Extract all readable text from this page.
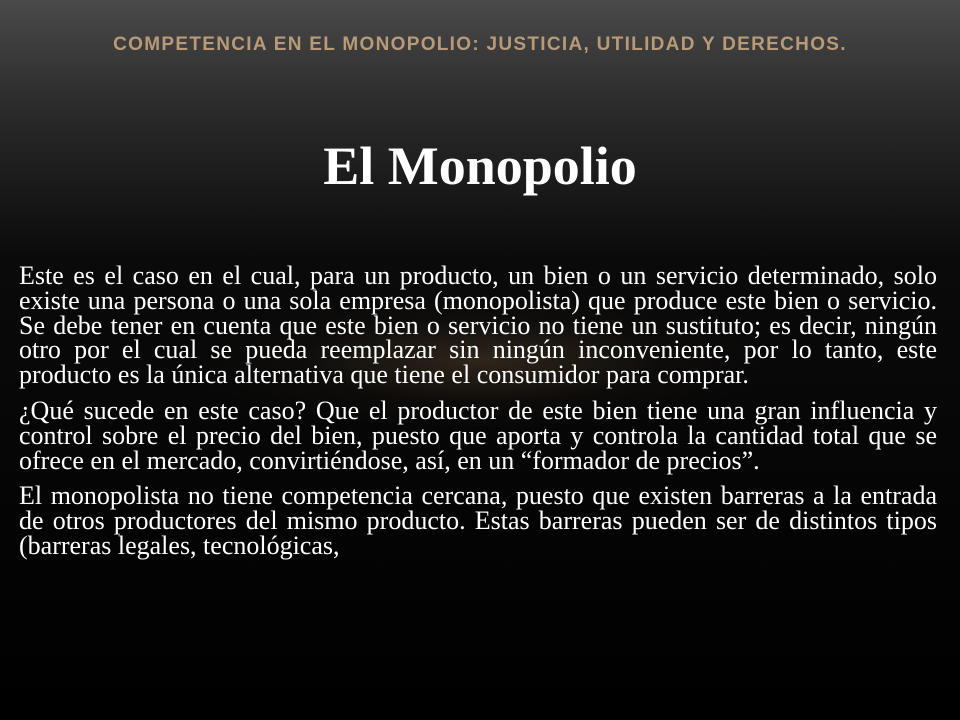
COMPETENCIA EN EL MONOPOLIO: JUSTICIA, UTILIDAD Y DERECHOS.
El Monopolio

Este es el caso en el cual, para un producto, un bien o un servicio determinado, solo existe una persona o una sola empresa (monopolista) que produce este bien o servicio. Se debe tener en cuenta que este bien o servicio no tiene un sustituto; es decir, ningún otro por el cual se pueda reemplazar sin ningún inconveniente, por lo tanto, este producto es la única alternativa que tiene el consumidor para comprar.

¿Qué sucede en este caso? Que el productor de este bien tiene una gran influencia y control sobre el precio del bien, puesto que aporta y controla la cantidad total que se ofrece en el mercado, convirtiéndose, así, en un “formador de precios”.

El monopolista no tiene competencia cercana, puesto que existen barreras a la entrada de otros productores del mismo producto. Estas barreras pueden ser de distintos tipos (barreras legales, tecnológicas,
